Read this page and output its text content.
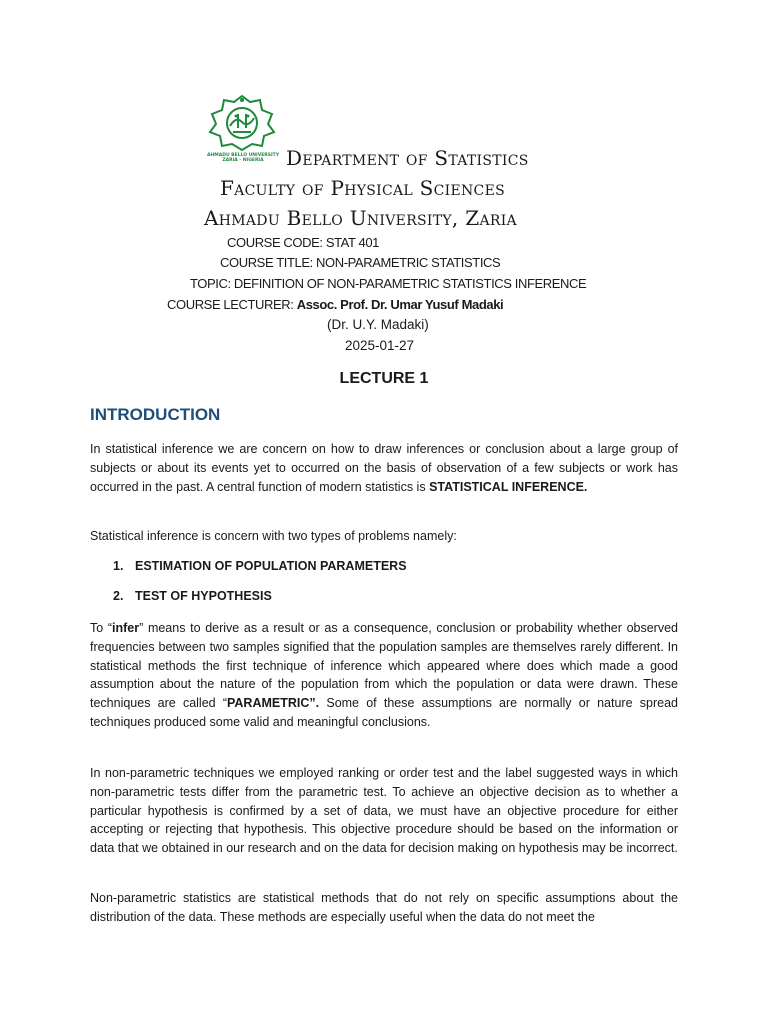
AHMADU BELLO UNIVERSITY
ZARIA - NIGERIA	Department of Statistics
Faculty of Physical Sciences
Ahmadu Bello University, Zaria
COURSE CODE: STAT 401
COURSE TITLE: NON-PARAMETRIC STATISTICS
TOPIC: DEFINITION OF NON-PARAMETRIC STATISTICS INFERENCE
COURSE LECTURER: Assoc. Prof. Dr. Umar Yusuf Madaki
(Dr. U.Y. Madaki)
2025-01-27
LECTURE 1
INTRODUCTION

In statistical inference we are concern on how to draw inferences or conclusion about a large group of subjects or about its events yet to occurred on the basis of observation of a few subjects or work has occurred in the past. A central function of modern statistics is STATISTICAL INFERENCE.

Statistical inference is concern with two types of problems namely:

1. ESTIMATION OF POPULATION PARAMETERS
2. TEST OF HYPOTHESIS

To “infer” means to derive as a result or as a consequence, conclusion or probability whether observed frequencies between two samples signified that the population samples are themselves rarely different. In statistical methods the first technique of inference which appeared where does which made a good assumption about the nature of the population from which the population or data were drawn. These techniques are called “PARAMETRIC”. Some of these assumptions are normally or nature spread techniques produced some valid and meaningful conclusions.

In non-parametric techniques we employed ranking or order test and the label suggested ways in which non-parametric tests differ from the parametric test. To achieve an objective decision as to whether a particular hypothesis is confirmed by a set of data, we must have an objective procedure for either accepting or rejecting that hypothesis. This objective procedure should be based on the information or data that we obtained in our research and on the data for decision making on hypothesis may be incorrect.

Non-parametric statistics are statistical methods that do not rely on specific assumptions about the distribution of the data. These methods are especially useful when the data do not meet the
